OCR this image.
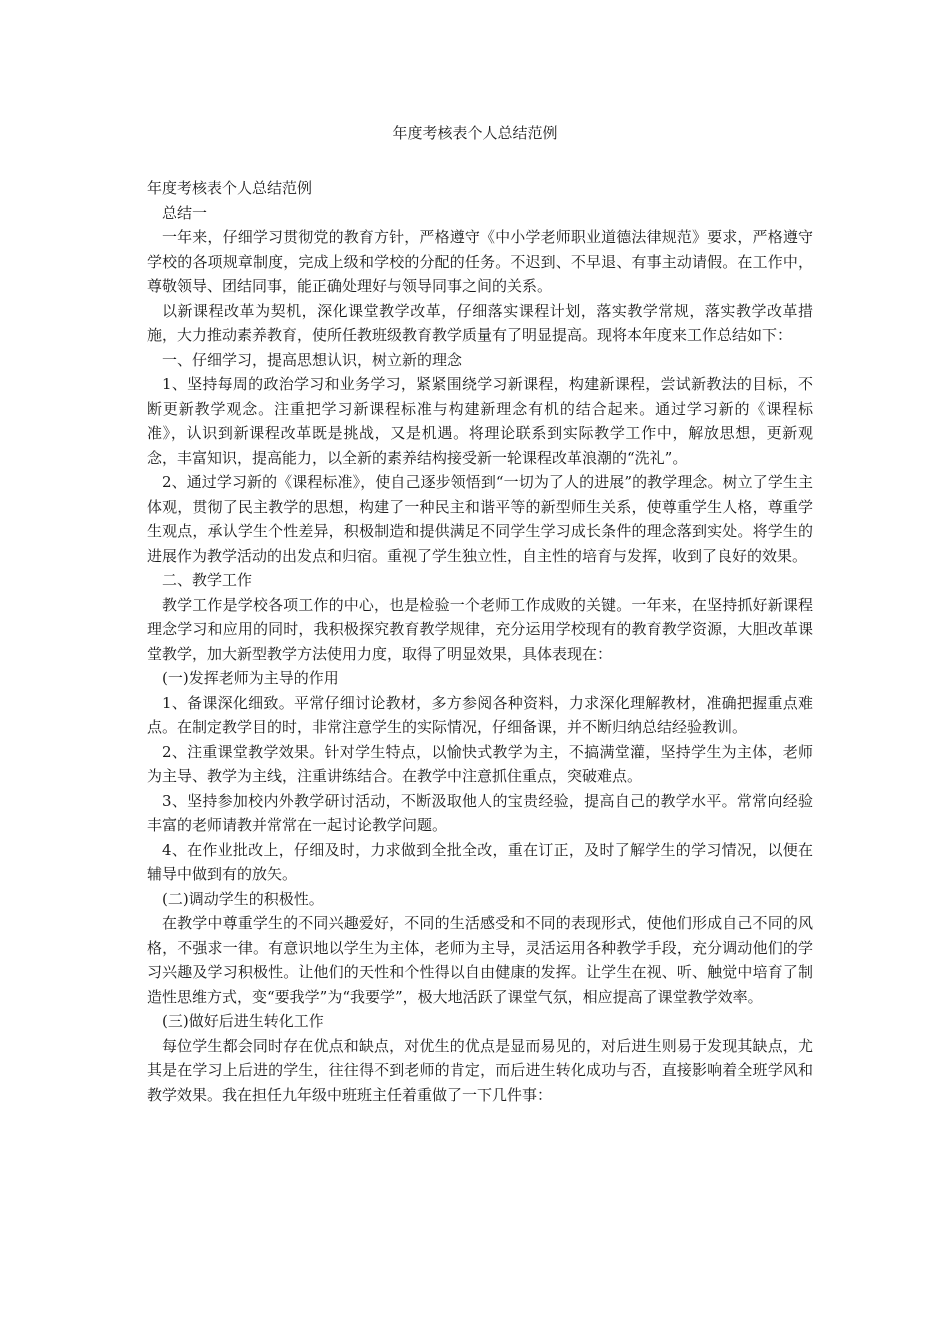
年度考核表个人总结范例

年度考核表个人总结范例

总结一

一年来，仔细学习贯彻党的教育方针，严格遵守《中小学老师职业道德法律规范》要求，严格遵守学校的各项规章制度，完成上级和学校的分配的任务。不迟到、不早退、有事主动请假。在工作中，尊敬领导、团结同事，能正确处理好与领导同事之间的关系。

以新课程改革为契机，深化课堂教学改革，仔细落实课程计划，落实教学常规，落实教学改革措施，大力推动素养教育，使所任教班级教育教学质量有了明显提高。现将本年度来工作总结如下：

一、仔细学习，提高思想认识，树立新的理念

1、坚持每周的政治学习和业务学习，紧紧围绕学习新课程，构建新课程，尝试新教法的目标，不断更新教学观念。注重把学习新课程标准与构建新理念有机的结合起来。通过学习新的《课程标准》，认识到新课程改革既是挑战，又是机遇。将理论联系到实际教学工作中，解放思想，更新观念，丰富知识，提高能力，以全新的素养结构接受新一轮课程改革浪潮的“洗礼”。

2、通过学习新的《课程标准》，使自己逐步领悟到“一切为了人的进展”的教学理念。树立了学生主体观，贯彻了民主教学的思想，构建了一种民主和谐平等的新型师生关系，使尊重学生人格，尊重学生观点，承认学生个性差异，积极制造和提供满足不同学生学习成长条件的理念落到实处。将学生的进展作为教学活动的出发点和归宿。重视了学生独立性，自主性的培育与发挥，收到了良好的效果。

二、教学工作

教学工作是学校各项工作的中心，也是检验一个老师工作成败的关键。一年来，在坚持抓好新课程理念学习和应用的同时，我积极探究教育教学规律，充分运用学校现有的教育教学资源，大胆改革课堂教学，加大新型教学方法使用力度，取得了明显效果，具体表现在：

(一)发挥老师为主导的作用

1、备课深化细致。平常仔细讨论教材，多方参阅各种资料，力求深化理解教材，准确把握重点难点。在制定教学目的时，非常注意学生的实际情况，仔细备课，并不断归纳总结经验教训。

2、注重课堂教学效果。针对学生特点，以愉快式教学为主，不搞满堂灌，坚持学生为主体，老师为主导、教学为主线，注重讲练结合。在教学中注意抓住重点，突破难点。

3、坚持参加校内外教学研讨活动，不断汲取他人的宝贵经验，提高自己的教学水平。常常向经验丰富的老师请教并常常在一起讨论教学问题。

4、在作业批改上，仔细及时，力求做到全批全改，重在订正，及时了解学生的学习情况，以便在辅导中做到有的放矢。

(二)调动学生的积极性。

在教学中尊重学生的不同兴趣爱好，不同的生活感受和不同的表现形式，使他们形成自己不同的风格，不强求一律。有意识地以学生为主体，老师为主导，灵活运用各种教学手段，充分调动他们的学习兴趣及学习积极性。让他们的天性和个性得以自由健康的发挥。让学生在视、听、触觉中培育了制造性思维方式，变“要我学”为“我要学”，极大地活跃了课堂气氛，相应提高了课堂教学效率。

(三)做好后进生转化工作

每位学生都会同时存在优点和缺点，对优生的优点是显而易见的，对后进生则易于发现其缺点，尤其是在学习上后进的学生，往往得不到老师的肯定，而后进生转化成功与否，直接影响着全班学风和教学效果。我在担任九年级中班班主任着重做了一下几件事：
